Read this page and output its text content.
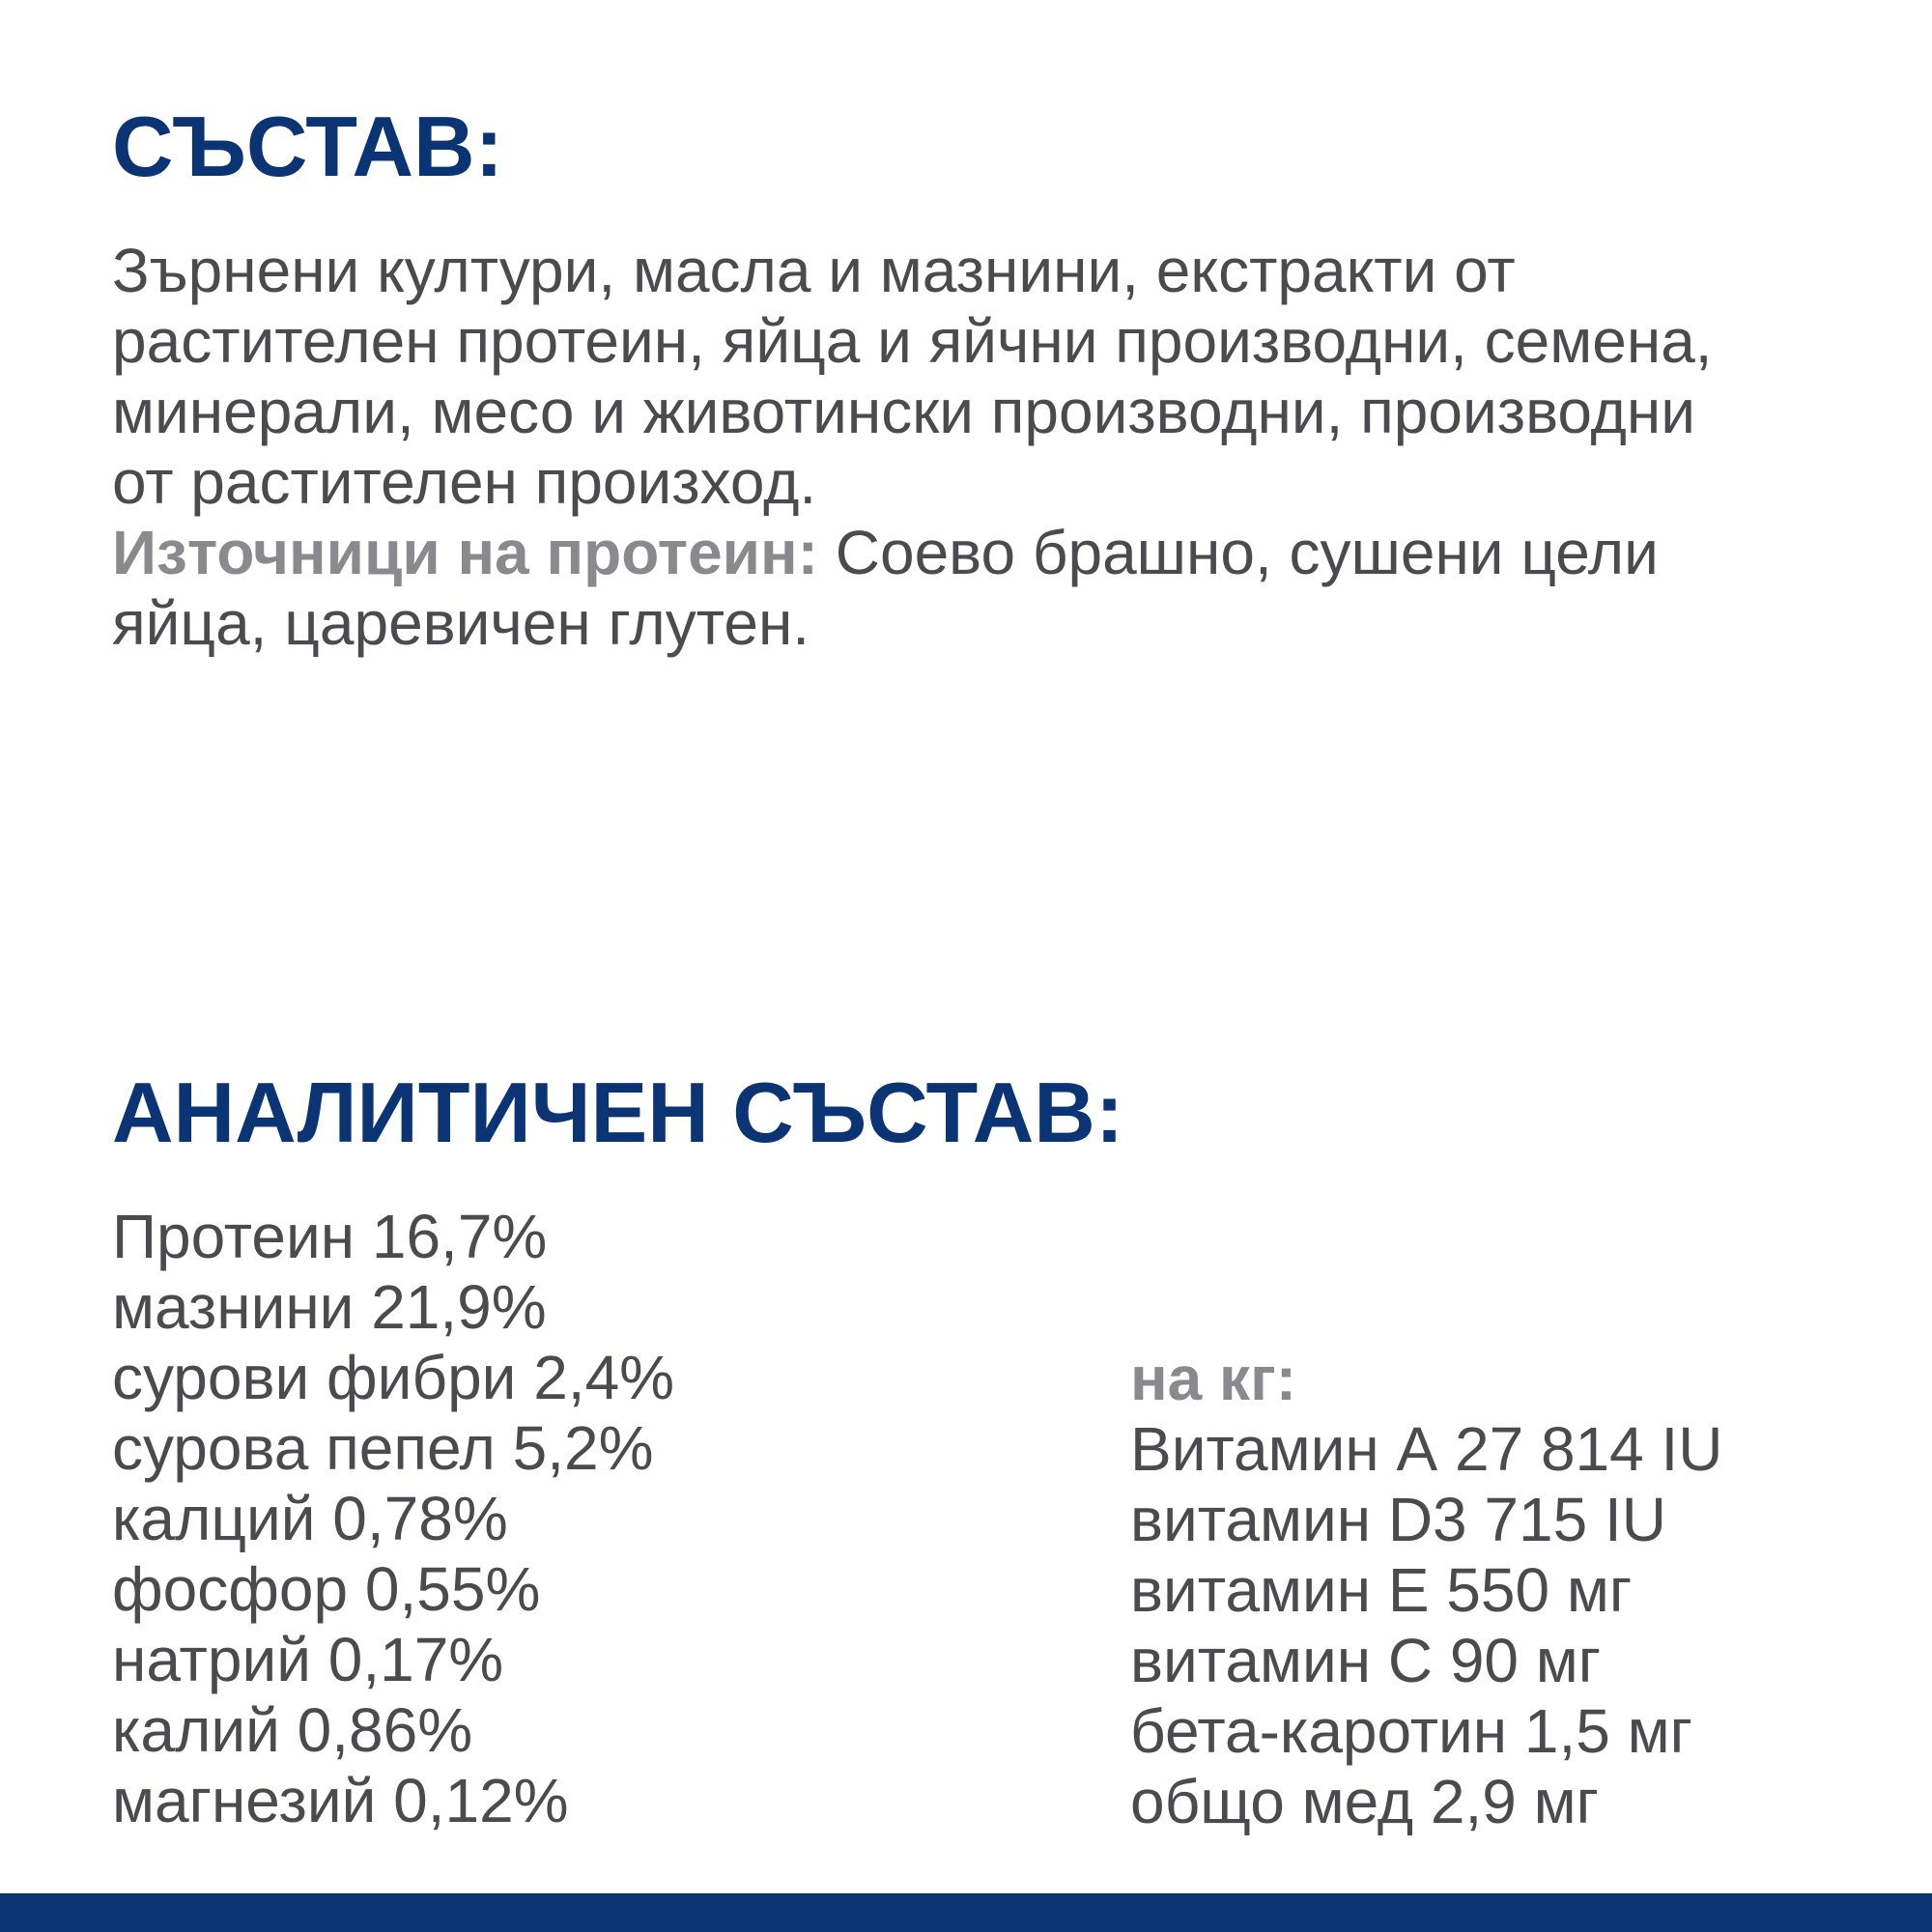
СЪСТАВ:
Зърнени култури, масла и мазнини, екстракти от
растителен протеин, яйца и яйчни производни, семена,
минерали, месо и животински производни, производни
от растителен произход.
Източници на протеин: Соево брашно, сушени цели
яйца, царевичен глутен.
АНАЛИТИЧЕН СЪСТАВ:
Протеин 16,7%
мазнини 21,9%
сурови фибри 2,4%
сурова пепел 5,2%
калций 0,78%
фосфор 0,55%
натрий 0,17%
калий 0,86%
магнезий 0,12%
на кг:
Витамин А 27 814 IU
витамин D3 715 IU
витамин Е 550 мг
витамин С 90 мг
бета-каротин 1,5 мг
общо мед 2,9 мг
